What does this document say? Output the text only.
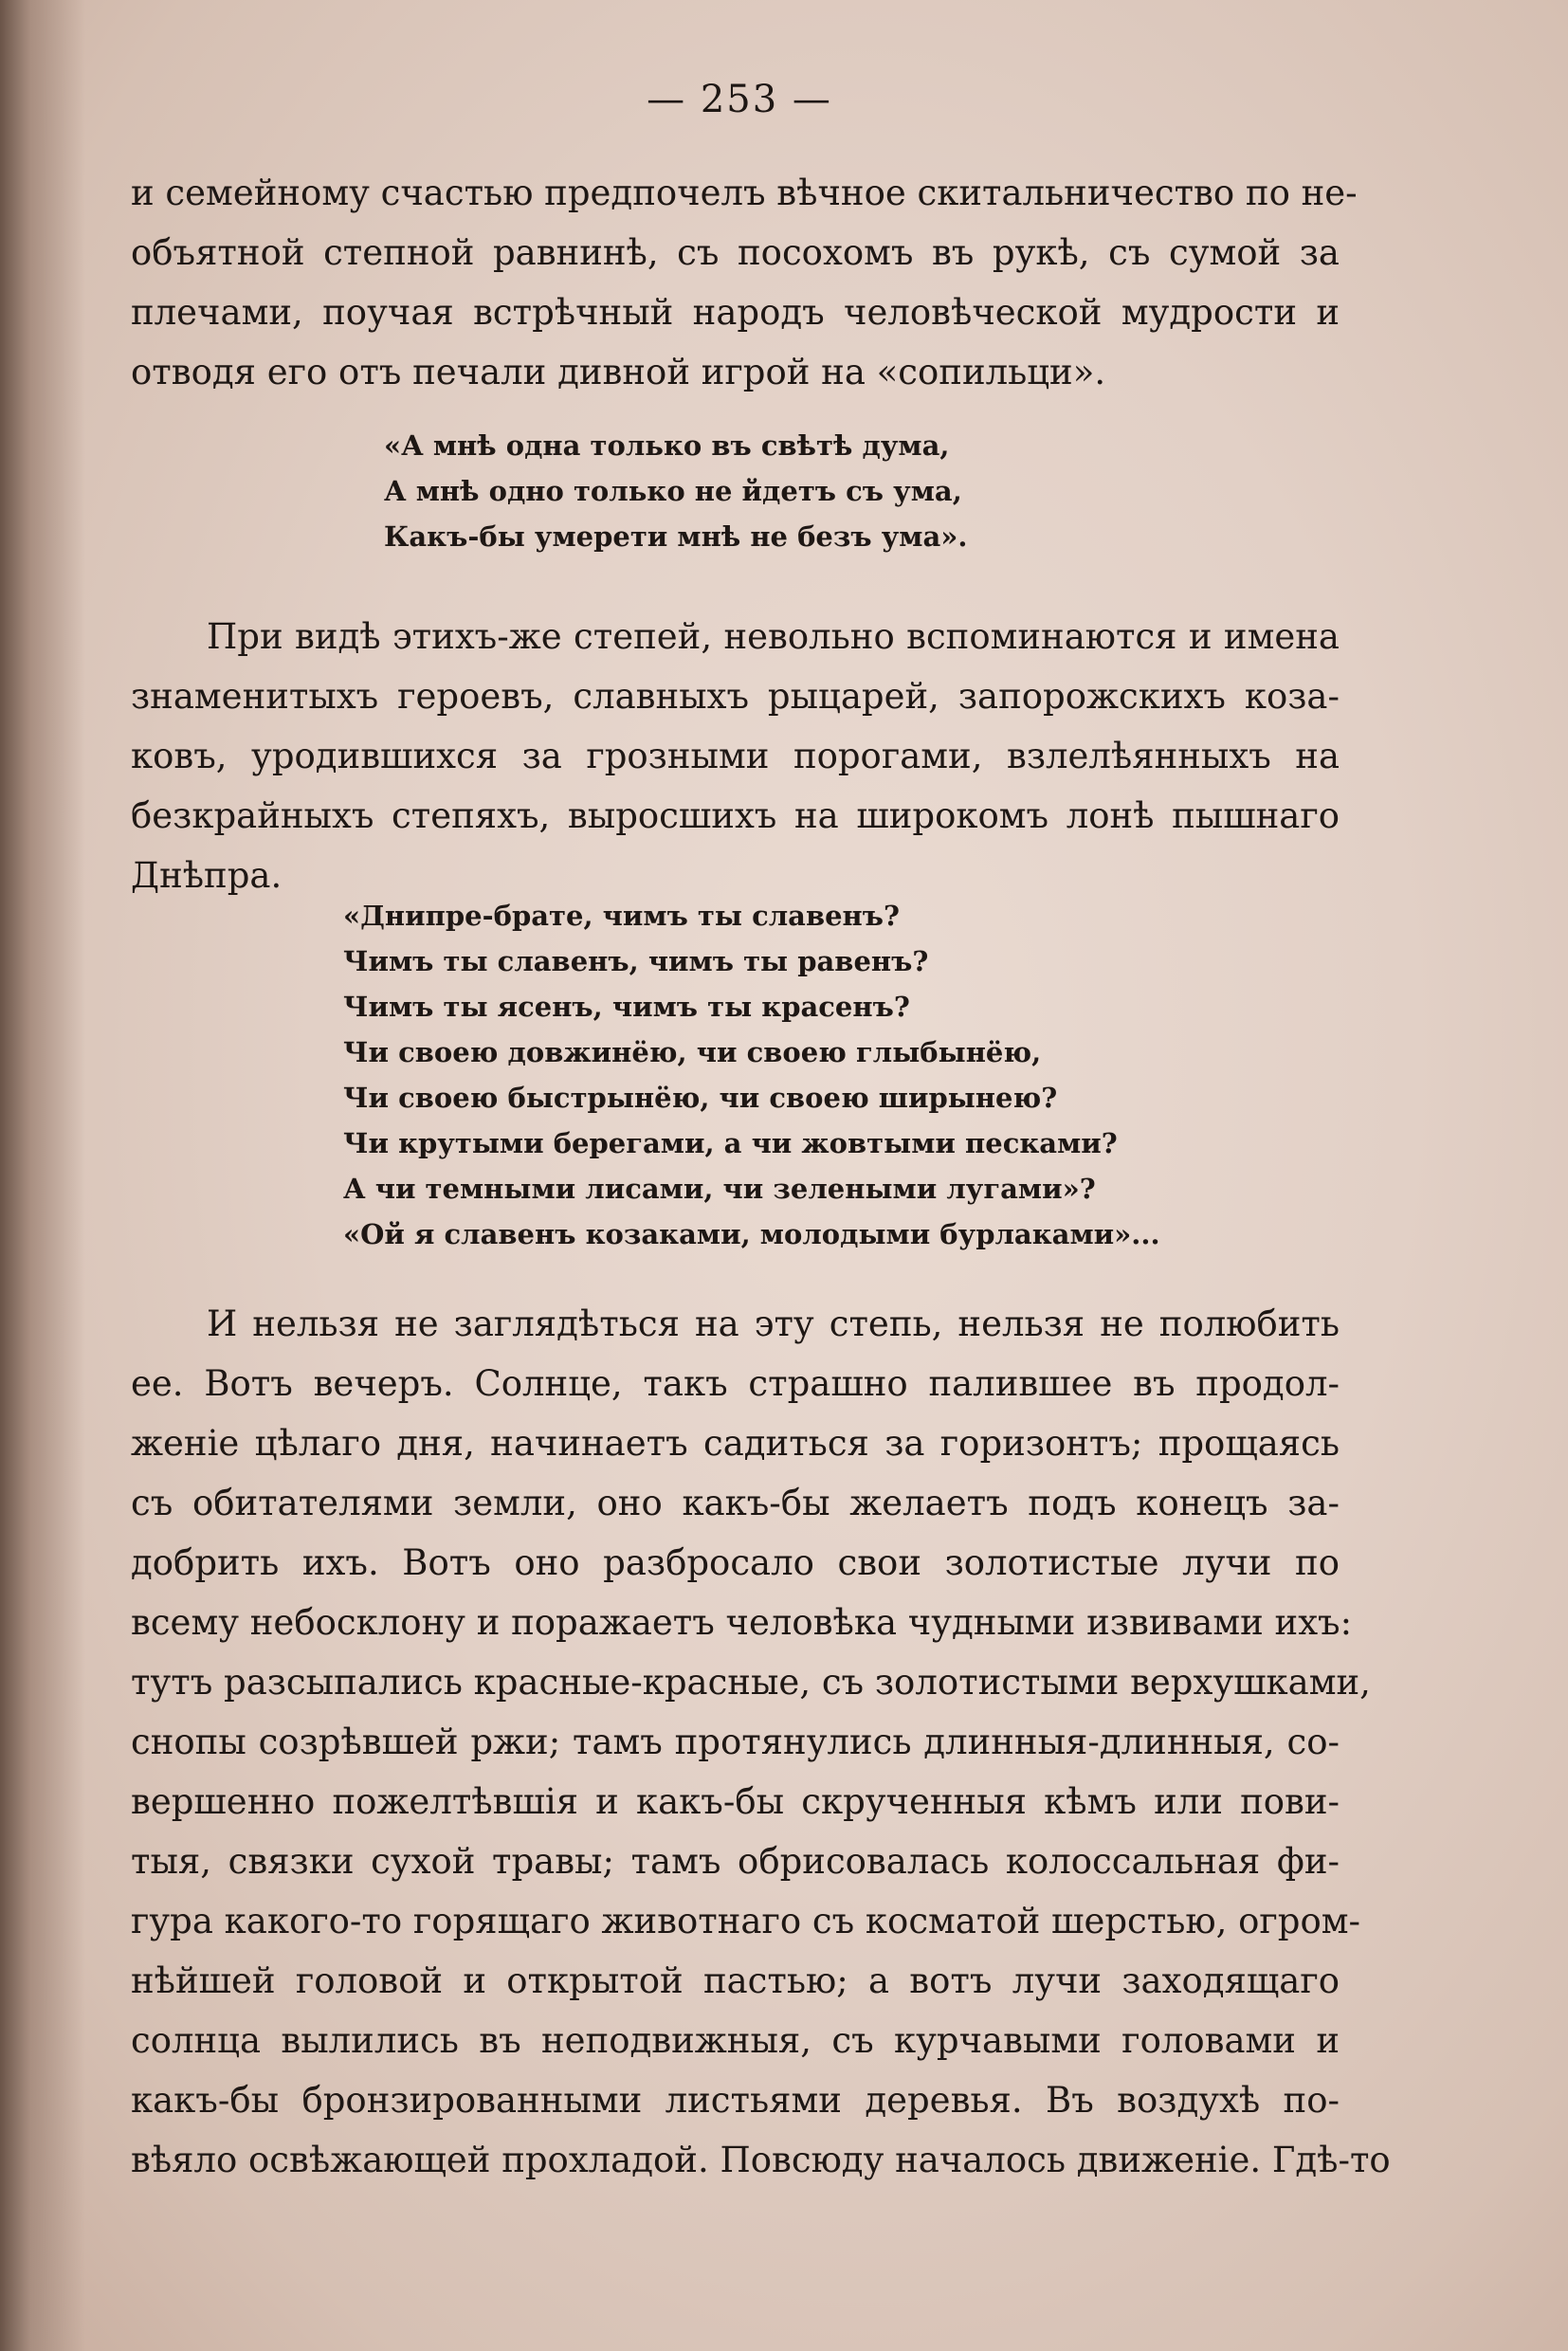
— 253 —
и семейному счастью предпочелъ вѣчное скитальничество по не-
объятной степной равнинѣ, съ посохомъ въ рукѣ, съ сумой за
плечами, поучая встрѣчный народъ человѣческой мудрости и
отводя его отъ печали дивной игрой на «сопильци».
«А мнѣ одна только въ свѣтѣ дума,
А мнѣ одно только не йдетъ съ ума,
Какъ-бы умерети мнѣ не безъ ума».
При видѣ этихъ-же степей, невольно вспоминаются и имена
знаменитыхъ героевъ, славныхъ рыцарей, запорожскихъ коза-
ковъ, уродившихся за грозными порогами, взлелѣянныхъ на
безкрайныхъ степяхъ, выросшихъ на широкомъ лонѣ пышнаго
Днѣпра.
«Днипре-брате, чимъ ты славенъ?
Чимъ ты славенъ, чимъ ты равенъ?
Чимъ ты ясенъ, чимъ ты красенъ?
Чи своею довжинёю, чи своею глыбынёю,
Чи своею быстрынёю, чи своею ширынею?
Чи крутыми берегами, а чи жовтыми песками?
А чи темными лисами, чи зелеными лугами»?
«Ой я славенъ козаками, молодыми бурлаками»...
И нельзя не заглядѣться на эту степь, нельзя не полюбить
ее. Вотъ вечеръ. Солнце, такъ страшно палившее въ продол-
женіе цѣлаго дня, начинаетъ садиться за горизонтъ; прощаясь
съ обитателями земли, оно какъ-бы желаетъ подъ конецъ за-
добрить ихъ. Вотъ оно разбросало свои золотистые лучи по
всему небосклону и поражаетъ человѣка чудными извивами ихъ:
тутъ разсыпались красные-красные, съ золотистыми верхушками,
снопы созрѣвшей ржи; тамъ протянулись длинныя-длинныя, со-
вершенно пожелтѣвшія и какъ-бы скрученныя кѣмъ или пови-
тыя, связки сухой травы; тамъ обрисовалась колоссальная фи-
гура какого-то горящаго животнаго съ косматой шерстью, огром-
нѣйшей головой и открытой пастью; а вотъ лучи заходящаго
солнца вылились въ неподвижныя, съ курчавыми головами и
какъ-бы бронзированными листьями деревья. Въ воздухѣ по-
вѣяло освѣжающей прохладой. Повсюду началось движеніе. Гдѣ-то
